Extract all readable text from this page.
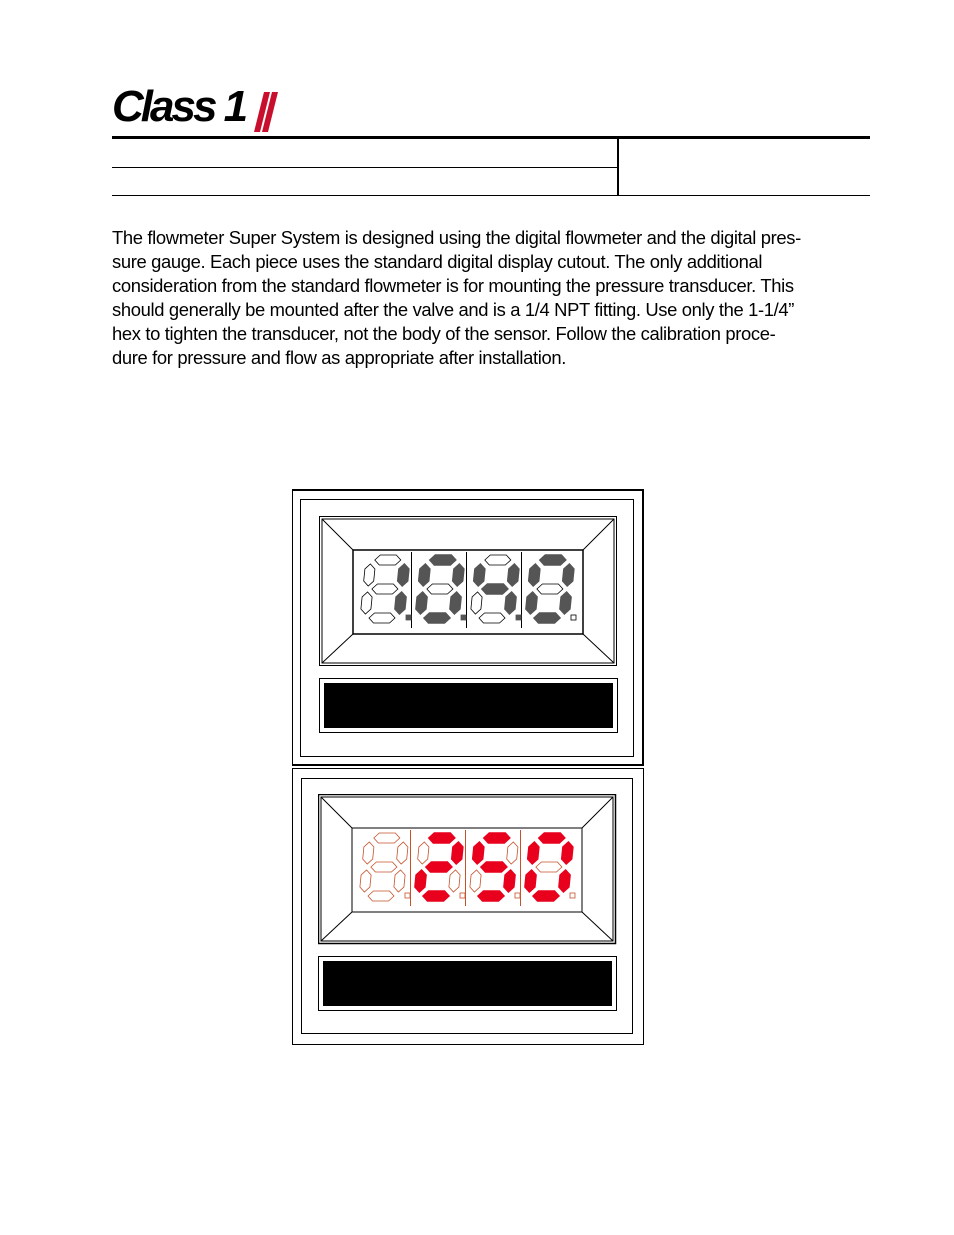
Class 1

The flowmeter Super System is designed using the digital flowmeter and the digital pres-
sure gauge. Each piece uses the standard digital display cutout. The only additional
consideration from the standard flowmeter is for mounting the pressure transducer. This
should generally be mounted after the valve and is a 1/4 NPT fitting. Use only the 1-1/4”
hex to tighten the transducer, not the body of the sensor. Follow the calibration proce-
dure for pressure and flow as appropriate after installation.
